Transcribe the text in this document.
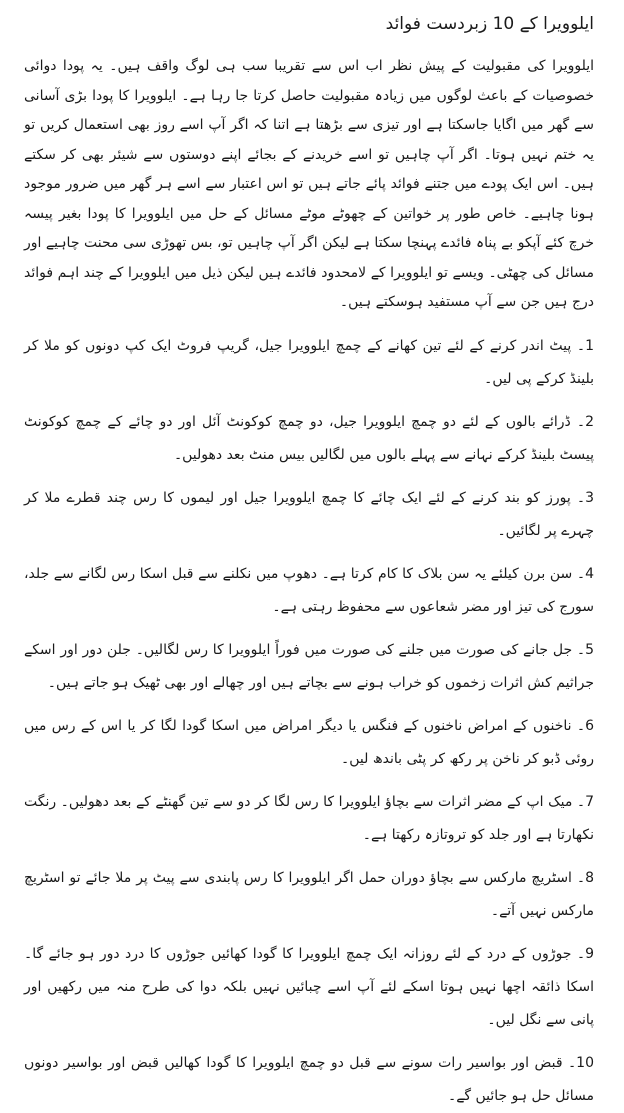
ایلوویرا کے 10 زبردست فوائد

ایلوویرا کی مقبولیت کے پیش نظر اب اس سے تقریبا سب ہی لوگ واقف ہیں۔ یہ پودا دوائی خصوصیات کے باعث لوگوں میں زیادہ مقبولیت حاصل کرتا جا رہا ہے۔ ایلوویرا کا پودا بڑی آسانی سے گھر میں اگایا جاسکتا ہے اور تیزی سے بڑھتا ہے اتنا کہ اگر آپ اسے روز بھی استعمال کریں تو یہ ختم نہیں ہوتا۔ اگر آپ چاہیں تو اسے خریدنے کے بجائے اپنے دوستوں سے شیئر بھی کر سکتے ہیں۔ اس ایک پودے میں جتنے فوائد پائے جاتے ہیں تو اس اعتبار سے اسے ہر گھر میں ضرور موجود ہونا چاہیے۔ خاص طور پر خواتین کے چھوٹے موٹے مسائل کے حل میں ایلوویرا کا پودا بغیر پیسہ خرچ کئے آپکو بے پناہ فائدے پہنچا سکتا ہے لیکن اگر آپ چاہیں تو، بس تھوڑی سی محنت چاہیے اور مسائل کی چھٹی۔ ویسے تو ایلوویرا کے لامحدود فائدے ہیں لیکن ذیل میں ایلوویرا کے چند اہم فوائد درج ہیں جن سے آپ مستفید ہوسکتے ہیں۔

1۔ پیٹ اندر کرنے کے لئے تین کھانے کے چمچ ایلوویرا جیل، گریپ فروٹ ایک کپ دونوں کو ملا کر بلینڈ کرکے پی لیں۔
2۔ ڈرائے بالوں کے لئے دو چمچ ایلوویرا جیل، دو چمچ کوکونٹ آئل اور دو چائے کے چمچ کوکونٹ پیسٹ بلینڈ کرکے نہانے سے پہلے بالوں میں لگالیں بیس منٹ بعد دھولیں۔
3۔ پورز کو بند کرنے کے لئے ایک چائے کا چمچ ایلوویرا جیل اور لیموں کا رس چند قطرے ملا کر چہرے پر لگائیں۔
4۔ سن برن کیلئے یہ سن بلاک کا کام کرتا ہے۔ دھوپ میں نکلنے سے قبل اسکا رس لگانے سے جلد، سورج کی تیز اور مضر شعاعوں سے محفوظ رہتی ہے۔
5۔ جل جانے کی صورت میں جلنے کی صورت میں فوراً ایلوویرا کا رس لگالیں۔ جلن دور اور اسکے جراثیم کش اثرات زخموں کو خراب ہونے سے بچاتے ہیں اور چھالے اور بھی ٹھیک ہو جاتے ہیں۔
6۔ ناخنوں کے امراض ناخنوں کے فنگس یا دیگر امراض میں اسکا گودا لگا کر یا اس کے رس میں روئی ڈبو کر ناخن پر رکھ کر پٹی باندھ لیں۔
7۔ میک اپ کے مضر اثرات سے بچاؤ ایلوویرا کا رس لگا کر دو سے تین گھنٹے کے بعد دھولیں۔ رنگت نکھارتا ہے اور جلد کو تروتازہ رکھتا ہے۔
8۔ اسٹریچ مارکس سے بچاؤ دوران حمل اگر ایلوویرا کا رس پابندی سے پیٹ پر ملا جائے تو اسٹریچ مارکس نہیں آتے۔
9۔ جوڑوں کے درد کے لئے روزانہ ایک چمچ ایلوویرا کا گودا کھائیں جوڑوں کا درد دور ہو جائے گا۔ اسکا ذائقہ اچھا نہیں ہوتا اسکے لئے آپ اسے چبائیں نہیں بلکہ دوا کی طرح منہ میں رکھیں اور پانی سے نگل لیں۔
10۔ قبض اور بواسیر رات سونے سے قبل دو چمچ ایلوویرا کا گودا کھالیں قبض اور بواسیر دونوں مسائل حل ہو جائیں گے۔
